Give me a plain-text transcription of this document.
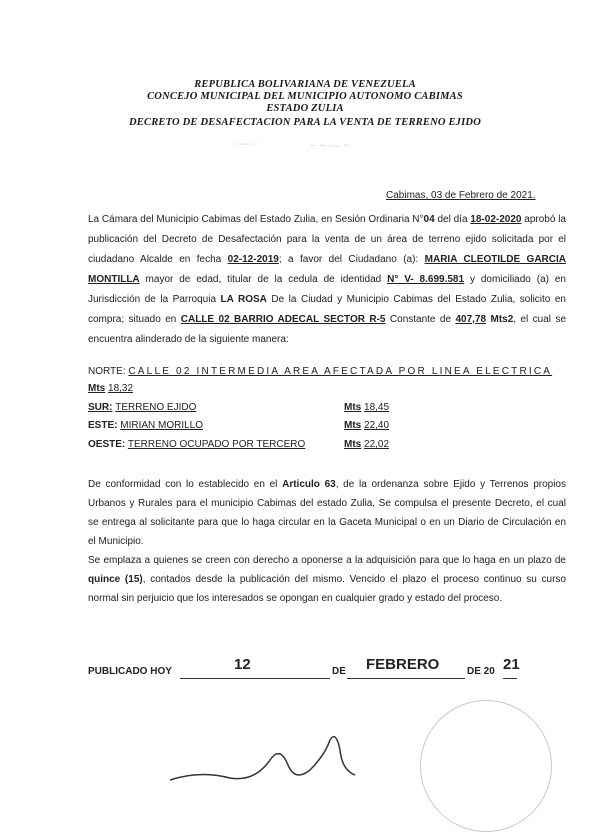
REPUBLICA BOLIVARIANA DE VENEZUELA
CONCEJO MUNICIPAL DEL MUNICIPIO AUTONOMO CABIMAS
ESTADO ZULIA
DECRETO DE DESAFECTACION PARA LA VENTA DE TERRENO EJIDO
· — · ·	~ ~ — ~
Cabimas, 03 de Febrero de 2021.
La Cámara del Municipio Cabimas del Estado Zulia, en Sesión Ordinaria N°04 del día 18-02-2020 aprobó la publicación del Decreto de Desafectación para la venta de un área de terreno ejido solicitada por el ciudadano Alcalde en fecha 02-12-2019; a favor del Ciudadano (a): MARIA CLEOTILDE GARCIA MONTILLA mayor de edad, titular de la cedula de identidad N° V- 8.699.581 y domiciliado (a) en Jurisdicción de la Parroquia LA ROSA De la Ciudad y Municipio Cabimas del Estado Zulia, solicito en compra; situado en CALLE 02 BARRIO ADECAL SECTOR R-5 Constante de 407,78 Mts2, el cual se encuentra alinderado de la siguiente manera:
NORTE: CALLE 02 INTERMEDIA AREA AFECTADA POR LINEA ELECTRICA
Mts 18,32
SUR: TERRENO EJIDO	Mts 18,45
ESTE: MIRIAN MORILLO	Mts 22,40
OESTE: TERRENO OCUPADO POR TERCERO	Mts 22,02
De conformidad con lo establecido en el Articulo 63, de la ordenanza sobre Ejido y Terrenos propios Urbanos y Rurales para el municipio Cabimas del estado Zulia, Se compulsa el presente Decreto, el cual se entrega al solicitante para que lo haga circular en la Gaceta Municipal o en un Diario de Circulación en el Municipio.
Se emplaza a quienes se creen con derecho a oponerse a la adquisición para que lo haga en un plazo de quince (15), contados desde la publicación del mismo. Vencido el plazo el proceso continuo su curso normal sin perjuicio que los interesados se opongan en cualquier grado y estado del proceso.
PUBLICADO HOY	12	DE FEBRERO	DE 20 21
